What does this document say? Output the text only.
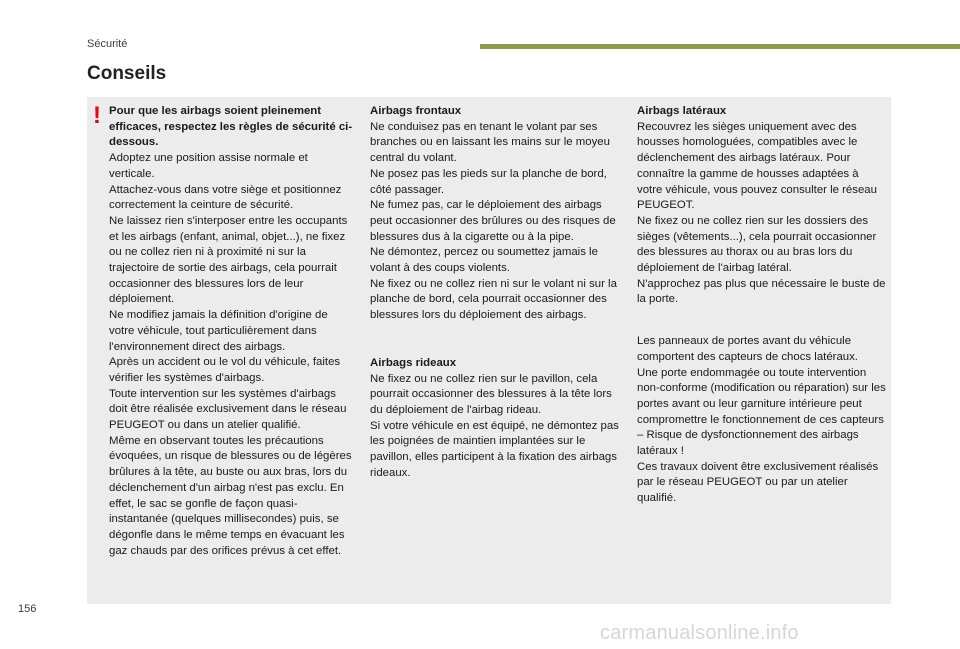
Sécurité
Conseils
! Pour que les airbags soient pleinement efficaces, respectez les règles de sécurité ci-dessous.

Adoptez une position assise normale et verticale.

Attachez-vous dans votre siège et positionnez correctement la ceinture de sécurité.

Ne laissez rien s'interposer entre les occupants et les airbags (enfant, animal, objet...), ne fixez ou ne collez rien ni à proximité ni sur la trajectoire de sortie des airbags, cela pourrait occasionner des blessures lors de leur déploiement.

Ne modifiez jamais la définition d'origine de votre véhicule, tout particulièrement dans l'environnement direct des airbags.

Après un accident ou le vol du véhicule, faites vérifier les systèmes d'airbags.

Toute intervention sur les systèmes d'airbags doit être réalisée exclusivement dans le réseau PEUGEOT ou dans un atelier qualifié.

Même en observant toutes les précautions évoquées, un risque de blessures ou de légères brûlures à la tête, au buste ou aux bras, lors du déclenchement d'un airbag n'est pas exclu. En effet, le sac se gonfle de façon quasi-instantanée (quelques millisecondes) puis, se dégonfle dans le même temps en évacuant les gaz chauds par des orifices prévus à cet effet.

Airbags frontaux

Ne conduisez pas en tenant le volant par ses branches ou en laissant les mains sur le moyeu central du volant.

Ne posez pas les pieds sur la planche de bord, côté passager.

Ne fumez pas, car le déploiement des airbags peut occasionner des brûlures ou des risques de blessures dus à la cigarette ou à la pipe.

Ne démontez, percez ou soumettez jamais le volant à des coups violents.

Ne fixez ou ne collez rien ni sur le volant ni sur la planche de bord, cela pourrait occasionner des blessures lors du déploiement des airbags.

Airbags rideaux

Ne fixez ou ne collez rien sur le pavillon, cela pourrait occasionner des blessures à la tête lors du déploiement de l'airbag rideau.

Si votre véhicule en est équipé, ne démontez pas les poignées de maintien implantées sur le pavillon, elles participent à la fixation des airbags rideaux.

Airbags latéraux

Recouvrez les sièges uniquement avec des housses homologuées, compatibles avec le déclenchement des airbags latéraux. Pour connaître la gamme de housses adaptées à votre véhicule, vous pouvez consulter le réseau PEUGEOT.

Ne fixez ou ne collez rien sur les dossiers des sièges (vêtements...), cela pourrait occasionner des blessures au thorax ou au bras lors du déploiement de l'airbag latéral.

N'approchez pas plus que nécessaire le buste de la porte.

Les panneaux de portes avant du véhicule comportent des capteurs de chocs latéraux.

Une porte endommagée ou toute intervention non-conforme (modification ou réparation) sur les portes avant ou leur garniture intérieure peut compromettre le fonctionnement de ces capteurs – Risque de dysfonctionnement des airbags latéraux !

Ces travaux doivent être exclusivement réalisés par le réseau PEUGEOT ou par un atelier qualifié.

156
carmanualsonline.info
